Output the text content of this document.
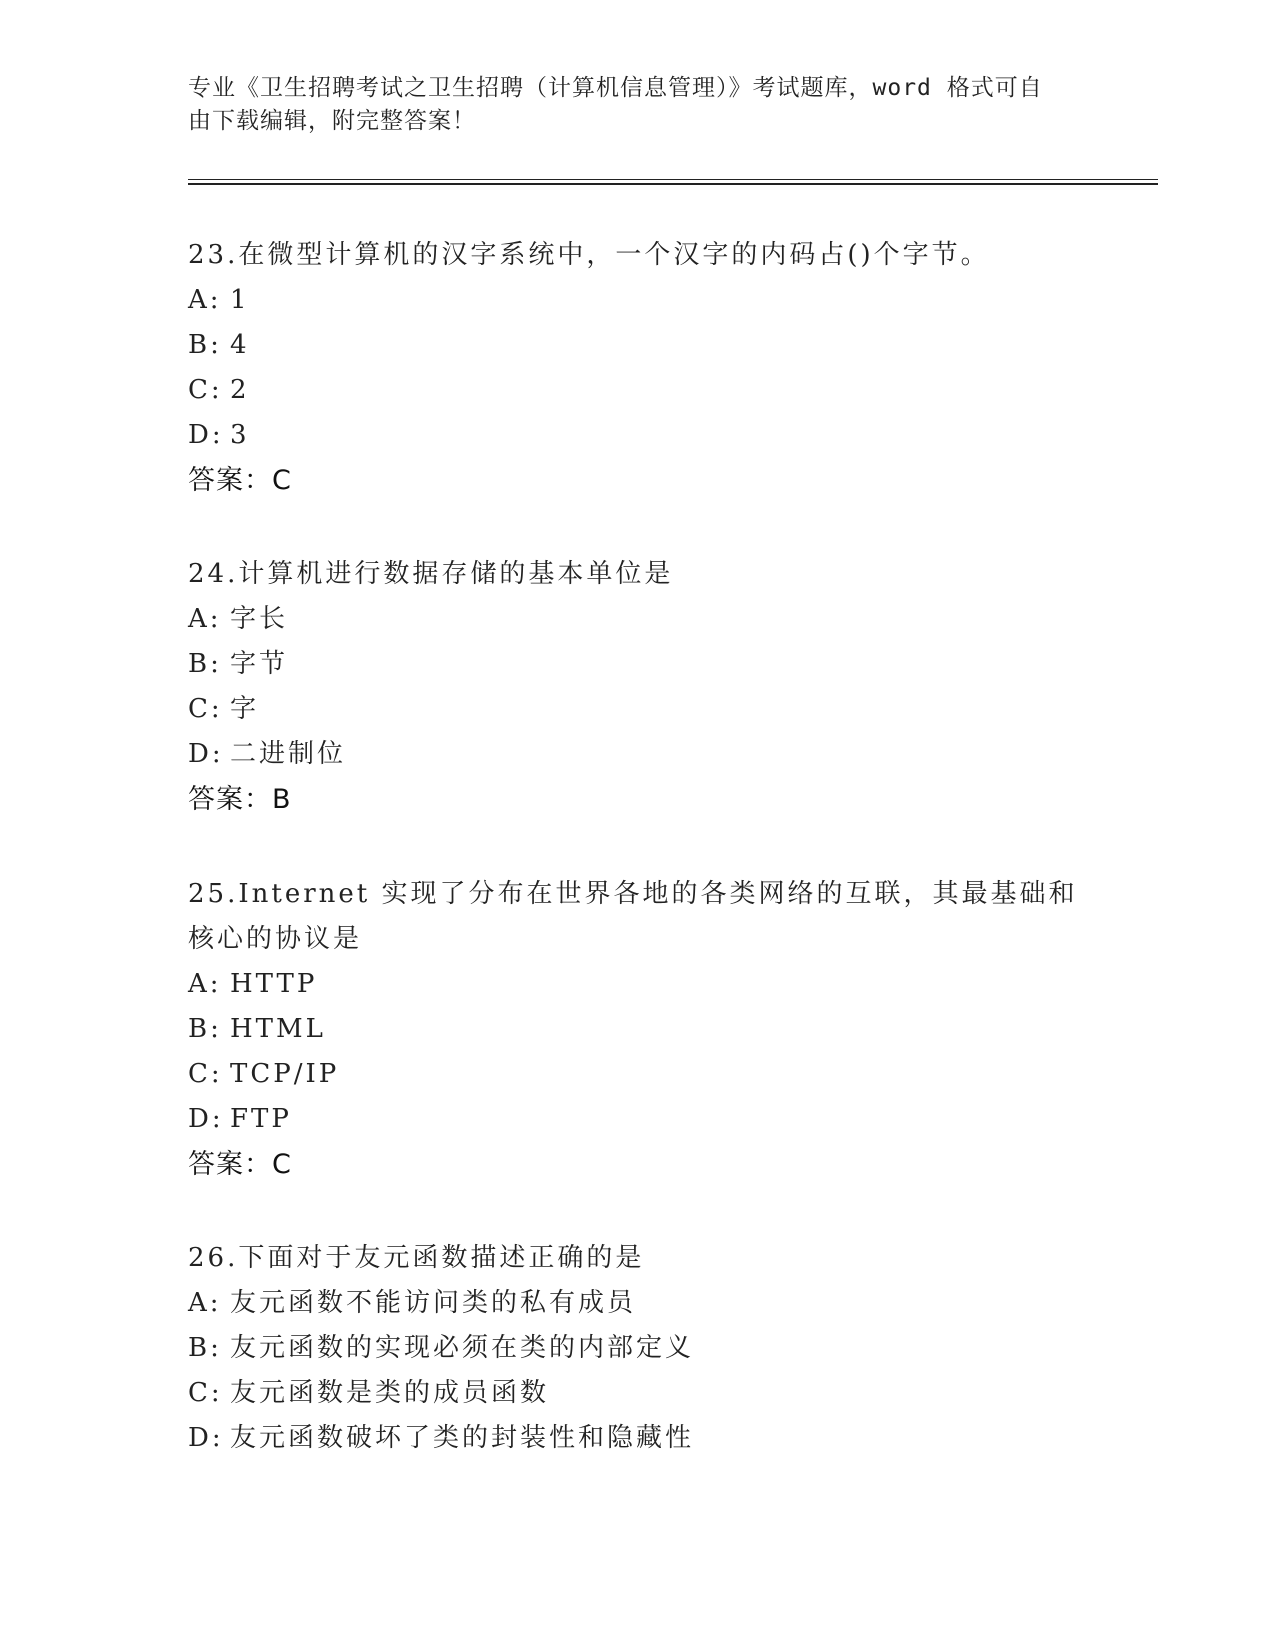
专业《卫生招聘考试之卫生招聘（计算机信息管理）》考试题库，word 格式可自
由下载编辑，附完整答案！
23.在微型计算机的汉字系统中，一个汉字的内码占()个字节。
A: 1
B: 4
C: 2
D: 3
答案：C
24.计算机进行数据存储的基本单位是
A: 字长
B: 字节
C: 字
D: 二进制位
答案：B
25.Internet 实现了分布在世界各地的各类网络的互联，其最基础和核心的协议是
A: HTTP
B: HTML
C: TCP/IP
D: FTP
答案：C
26.下面对于友元函数描述正确的是
A: 友元函数不能访问类的私有成员
B: 友元函数的实现必须在类的内部定义
C: 友元函数是类的成员函数
D: 友元函数破坏了类的封装性和隐藏性
